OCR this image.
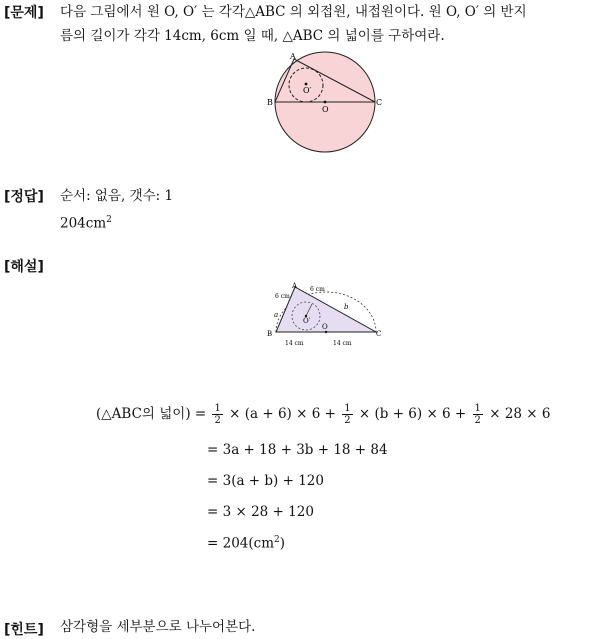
[문제] 다음 그림에서 원 O, O′ 는 각각△ABC 의 외접원, 내접원이다. 원 O, O′ 의 반지
름의 길이가 각각 14cm, 6cm 일 때, △ABC 의 넓이를 구하여라.
A
B	C
O
O′
[정답] 순서: 없음, 갯수: 1
$204cm^2$
[해설]
A
B	C
O
O′
6 cm
6 cm
a
b
14 cm	14 cm
(△ABC의 넓이) = $\frac{1}{2} \times (a + 6) \times 6 + \frac{1}{2} \times (b + 6) \times 6 + \frac{1}{2} \times 28 \times 6$
= 3a + 18 + 3b + 18 + 84
= 3(a + b) + 120
= 3 × 28 + 120
= $204(cm^2)$
[힌트] 삼각형을 세부분으로 나누어본다.
